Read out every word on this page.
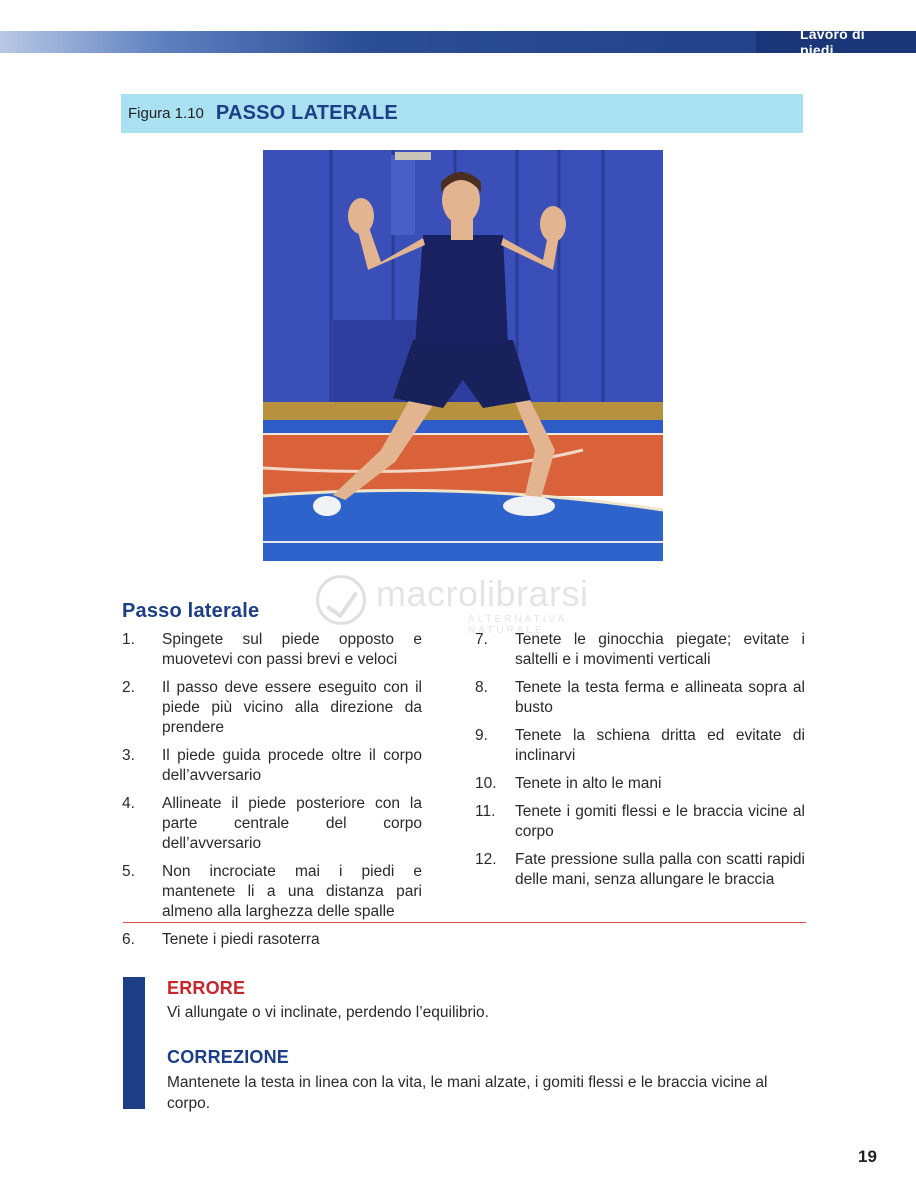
Lavoro di piedi
Figura 1.10 PASSO LATERALE
macrolibrarsi
ALTERNATIVA NATURALE
Passo laterale
1.	Spingete sul piede opposto e muovetevi con passi brevi e veloci
2.	Il passo deve essere eseguito con il piede più vicino alla direzione da prendere
3.	Il piede guida procede oltre il corpo dell’avversario
4.	Allineate il piede posteriore con la parte centrale del corpo dell’avversario
5.	Non incrociate mai i piedi e mantenete li a una distanza pari almeno alla larghezza delle spalle
6.	Tenete i piedi rasoterra
7.	Tenete le ginocchia piegate; evitate i saltelli e i movimenti verticali
8.	Tenete la testa ferma e allineata sopra al busto
9.	Tenete la schiena dritta ed evitate di inclinarvi
10.	Tenete in alto le mani
11.	Tenete i gomiti flessi e le braccia vicine al corpo
12.	Fate pressione sulla palla con scatti rapidi delle mani, senza allungare le braccia
ERRORE
Vi allungate o vi inclinate, perdendo l’equilibrio.
CORREZIONE
Mantenete la testa in linea con la vita, le mani alzate, i gomiti flessi e le braccia vicine al corpo.
19
